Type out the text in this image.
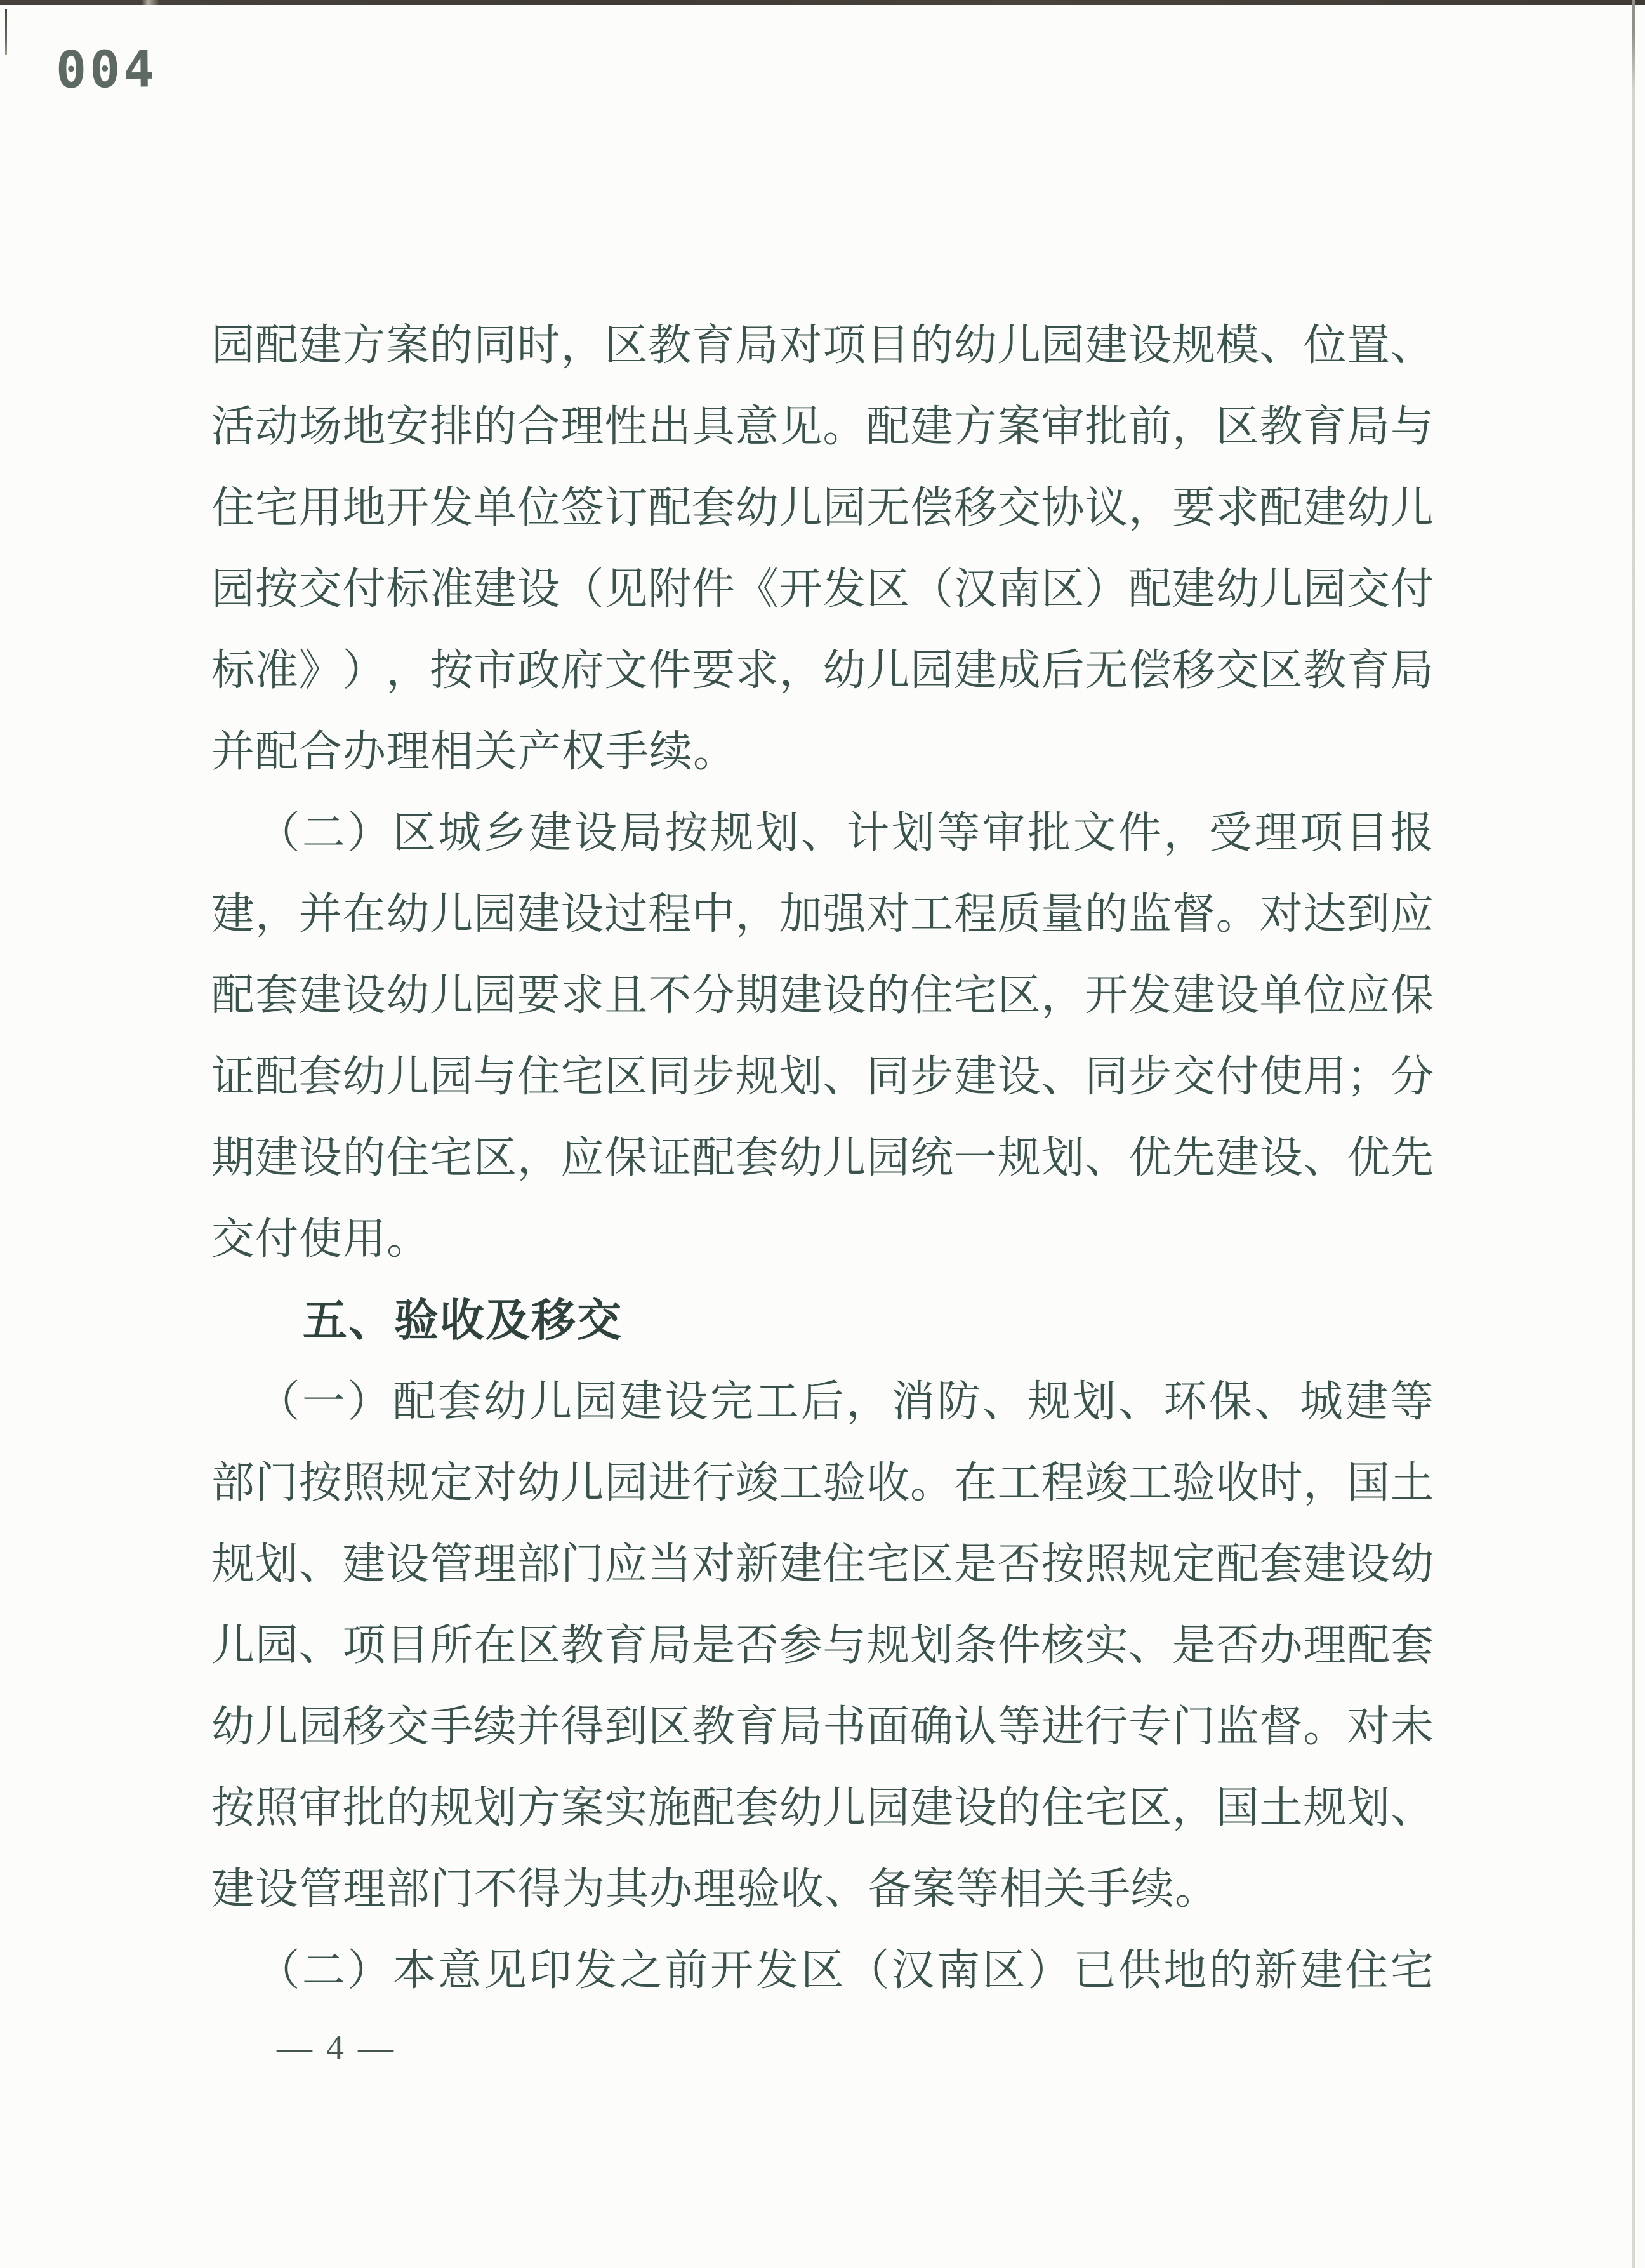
004
园 配 建 方 案 的 同 时 ， 区 教 育 局 对 项 目 的 幼 儿 园 建 设 规 模 、 位 置 、
活 动 场 地 安 排 的 合 理 性 出 具 意 见 。 配 建 方 案 审 批 前 ， 区 教 育 局 与
住 宅 用 地 开 发 单 位 签 订 配 套 幼 儿 园 无 偿 移 交 协 议 ， 要 求 配 建 幼 儿
园 按 交 付 标 准 建 设 （ 见 附 件 《 开 发 区 （ 汉 南 区 ） 配 建 幼 儿 园 交 付
标 准 》 ） ， 按 市 政 府 文 件 要 求 ， 幼 儿 园 建 成 后 无 偿 移 交 区 教 育 局
并配合办理相关产权手续。

（ 二 ） 区 城 乡 建 设 局 按 规 划 、 计 划 等 审 批 文 件 ， 受 理 项 目 报
建 ， 并 在 幼 儿 园 建 设 过 程 中 ， 加 强 对 工 程 质 量 的 监 督 。 对 达 到 应
配 套 建 设 幼 儿 园 要 求 且 不 分 期 建 设 的 住 宅 区 ， 开 发 建 设 单 位 应 保
证 配 套 幼 儿 园 与 住 宅 区 同 步 规 划 、 同 步 建 设 、 同 步 交 付 使 用 ； 分
期 建 设 的 住 宅 区 ， 应 保 证 配 套 幼 儿 园 统 一 规 划 、 优 先 建 设 、 优 先
交付使用。
　　五、验收及移交

（ 一 ） 配 套 幼 儿 园 建 设 完 工 后 ， 消 防 、 规 划 、 环 保 、 城 建 等
部 门 按 照 规 定 对 幼 儿 园 进 行 竣 工 验 收 。 在 工 程 竣 工 验 收 时 ， 国 土
规 划 、 建 设 管 理 部 门 应 当 对 新 建 住 宅 区 是 否 按 照 规 定 配 套 建 设 幼
儿 园 、 项 目 所 在 区 教 育 局 是 否 参 与 规 划 条 件 核 实 、 是 否 办 理 配 套
幼 儿 园 移 交 手 续 并 得 到 区 教 育 局 书 面 确 认 等 进 行 专 门 监 督 。 对 未
按 照 审 批 的 规 划 方 案 实 施 配 套 幼 儿 园 建 设 的 住 宅 区 ， 国 土 规 划 、
建设管理部门不得为其办理验收、备案等相关手续。

（ 二 ） 本 意 见 印 发 之 前 开 发 区 （ 汉 南 区 ） 已 供 地 的 新 建 住 宅
— 4 —
